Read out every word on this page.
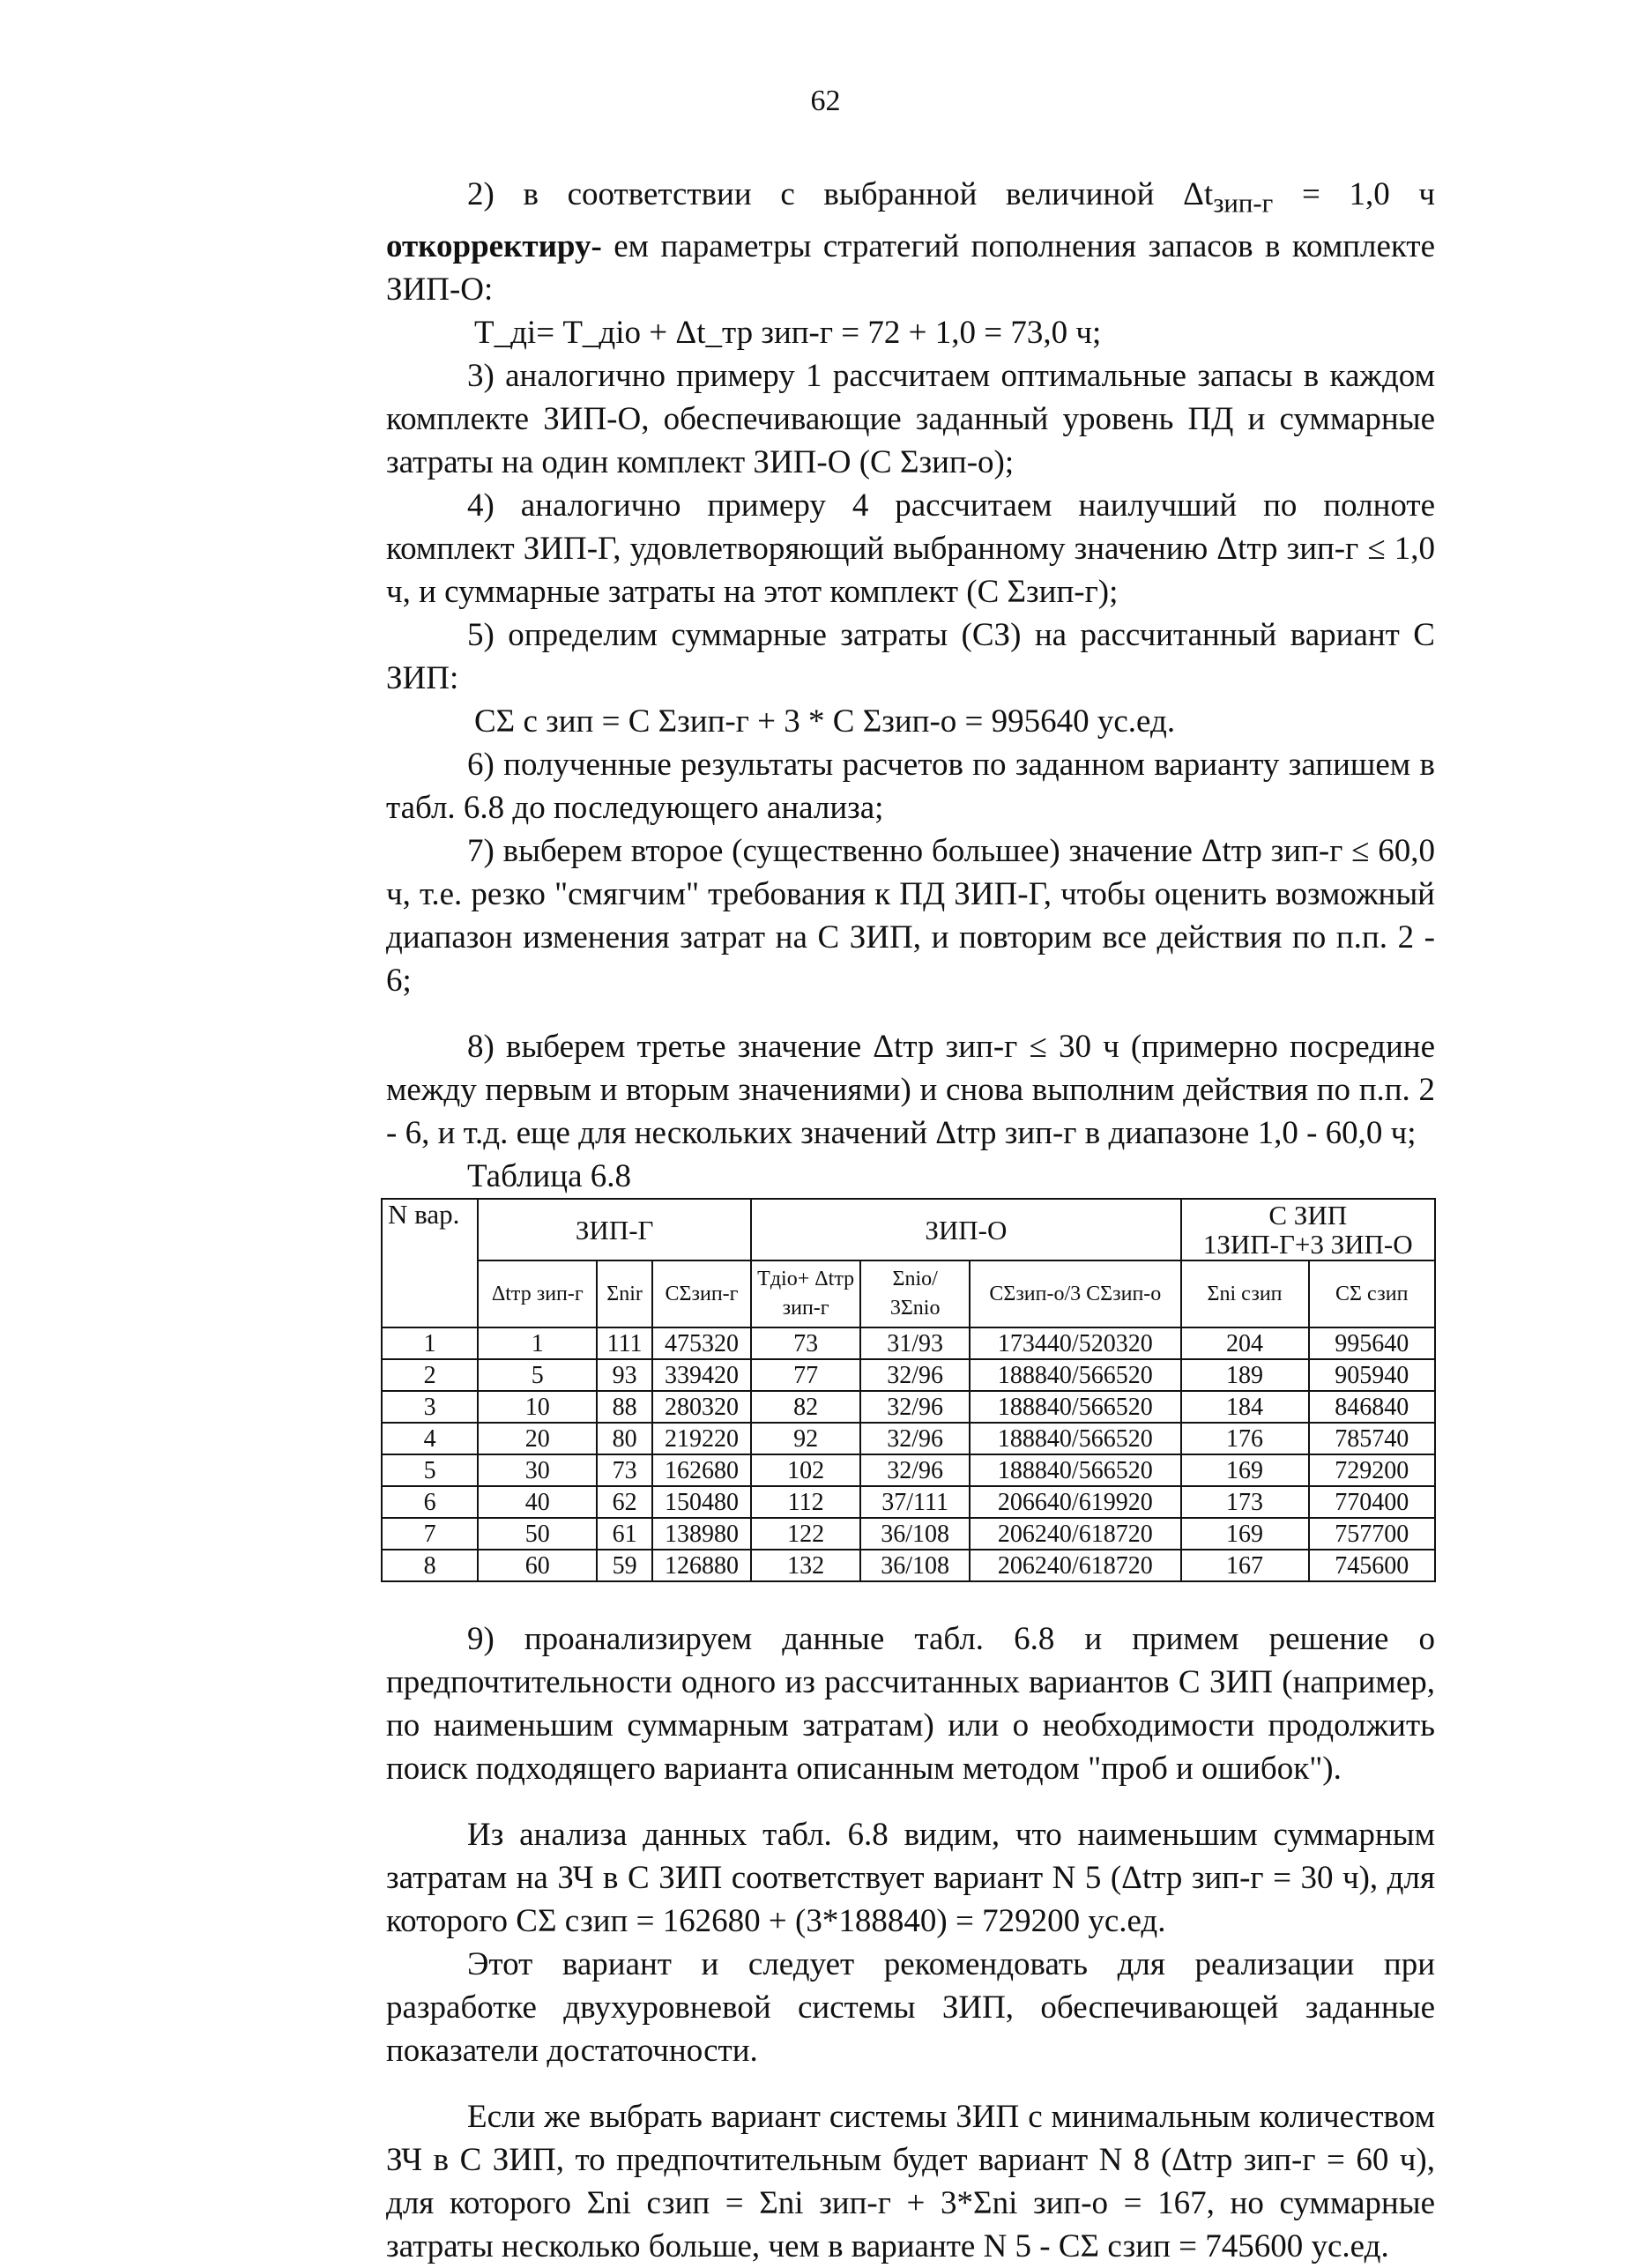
62

2) в соответствии с выбранной величиной $\Delta t_{зип-г} = 1,0$ ч откорректиру- ем параметры стратегий пополнения запасов в комплекте ЗИП-О:

Т_дi= Т_дio + Δt_тр зип-г = 72 + 1,0 = 73,0 ч;

3) аналогично примеру 1 рассчитаем оптимальные запасы в каждом комплекте ЗИП-О, обеспечивающие заданный уровень ПД и суммарные затраты на один комплект ЗИП-О (С Σзип-о);

4) аналогично примеру 4 рассчитаем наилучший по полноте комплект ЗИП-Г, удовлетворяющий выбранному значению Δtтр зип-г ≤ 1,0 ч, и суммарные затраты на этот комплект (С Σзип-г);

5) определим суммарные затраты (СЗ) на рассчитанный вариант С ЗИП:

СΣ с зип = С Σзип-г + 3 * С Σзип-о = 995640 ус.ед.

6) полученные результаты расчетов по заданном варианту запишем в табл. 6.8 до последующего анализа;

7) выберем второе (существенно большее) значение Δtтр зип-г ≤ 60,0 ч, т.е. резко "смягчим" требования к ПД ЗИП-Г, чтобы оценить возможный диапазон изменения затрат на С ЗИП, и повторим все действия по п.п. 2 - 6;

8) выберем третье значение Δtтр зип-г ≤ 30 ч (примерно посредине между первым и вторым значениями) и снова выполним действия по п.п. 2 - 6, и т.д. еще для нескольких значений Δtтр зип-г в диапазоне 1,0 - 60,0 ч;

Таблица 6.8

N вар.	ЗИП-Г			ЗИП-О			С ЗИП
1ЗИП-Г+3 ЗИП-О	

	Δtтр зип-г	Σnir	CΣзип-г	Тдio+ Δtтр зип-г	Σnio/ 3Σnio	CΣзип-о/3 CΣзип-о	Σni сзип	CΣ сзип
1	1	111	475320	73	31/93	173440/520320	204	995640
2	5	93	339420	77	32/96	188840/566520	189	905940
3	10	88	280320	82	32/96	188840/566520	184	846840
4	20	80	219220	92	32/96	188840/566520	176	785740
5	30	73	162680	102	32/96	188840/566520	169	729200
6	40	62	150480	112	37/111	206640/619920	173	770400
7	50	61	138980	122	36/108	206240/618720	169	757700
8	60	59	126880	132	36/108	206240/618720	167	745600

9) проанализируем данные табл. 6.8 и примем решение о предпочтительности одного из рассчитанных вариантов С ЗИП (например, по наименьшим суммарным затратам) или о необходимости продолжить поиск подходящего варианта описанным методом "проб и ошибок").

Из анализа данных табл. 6.8 видим, что наименьшим суммарным затратам на ЗЧ в С ЗИП соответствует вариант N 5 (Δtтр зип-г = 30 ч), для которого CΣ сзип = 162680 + (3*188840) = 729200 ус.ед.

Этот вариант и следует рекомендовать для реализации при разработке двухуровневой системы ЗИП, обеспечивающей заданные показатели достаточности.

Если же выбрать вариант системы ЗИП с минимальным количеством ЗЧ в С ЗИП, то предпочтительным будет вариант N 8 (Δtтр зип-г = 60 ч), для которого Σni сзип = Σni зип-г + 3*Σni зип-о = 167, но суммарные затраты несколько больше, чем в варианте N 5 - CΣ сзип = 745600 ус.ед.
